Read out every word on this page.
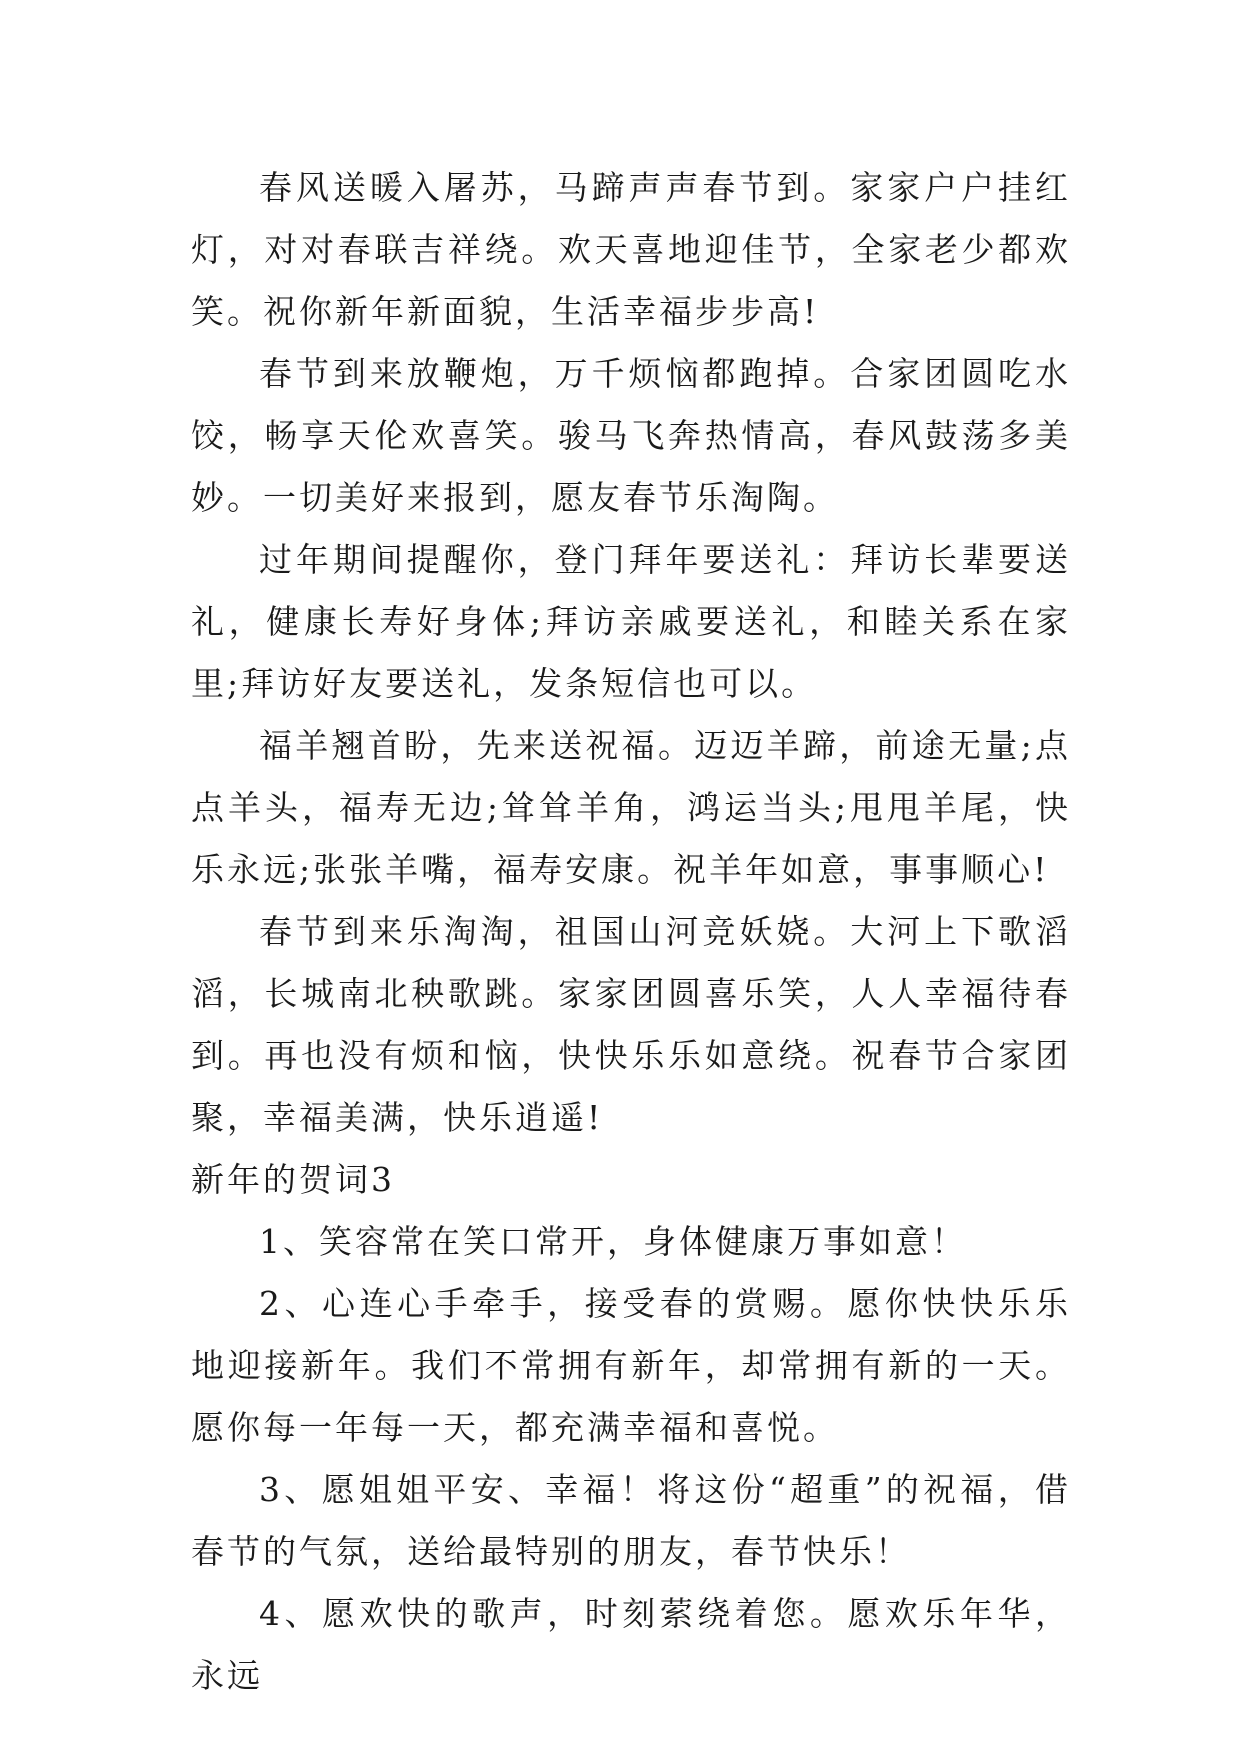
春风送暖入屠苏，马蹄声声春节到。家家户户挂红灯，对对春联吉祥绕。欢天喜地迎佳节，全家老少都欢笑。祝你新年新面貌，生活幸福步步高!

春节到来放鞭炮，万千烦恼都跑掉。合家团圆吃水饺，畅享天伦欢喜笑。骏马飞奔热情高，春风鼓荡多美妙。一切美好来报到，愿友春节乐淘陶。

过年期间提醒你，登门拜年要送礼：拜访长辈要送礼，健康长寿好身体;拜访亲戚要送礼，和睦关系在家里;拜访好友要送礼，发条短信也可以。

福羊翘首盼，先来送祝福。迈迈羊蹄，前途无量;点点羊头，福寿无边;耸耸羊角，鸿运当头;甩甩羊尾，快乐永远;张张羊嘴，福寿安康。祝羊年如意，事事顺心!

春节到来乐淘淘，祖国山河竞妖娆。大河上下歌滔滔，长城南北秧歌跳。家家团圆喜乐笑，人人幸福待春到。再也没有烦和恼，快快乐乐如意绕。祝春节合家团聚，幸福美满，快乐逍遥!

新年的贺词3

1、笑容常在笑口常开，身体健康万事如意！

2、心连心手牵手，接受春的赏赐。愿你快快乐乐地迎接新年。我们不常拥有新年，却常拥有新的一天。愿你每一年每一天，都充满幸福和喜悦。

3、愿姐姐平安、幸福！将这份“超重”的祝福，借春节的气氛，送给最特别的朋友，春节快乐！

4、愿欢快的歌声，时刻萦绕着您。愿欢乐年华，永远
